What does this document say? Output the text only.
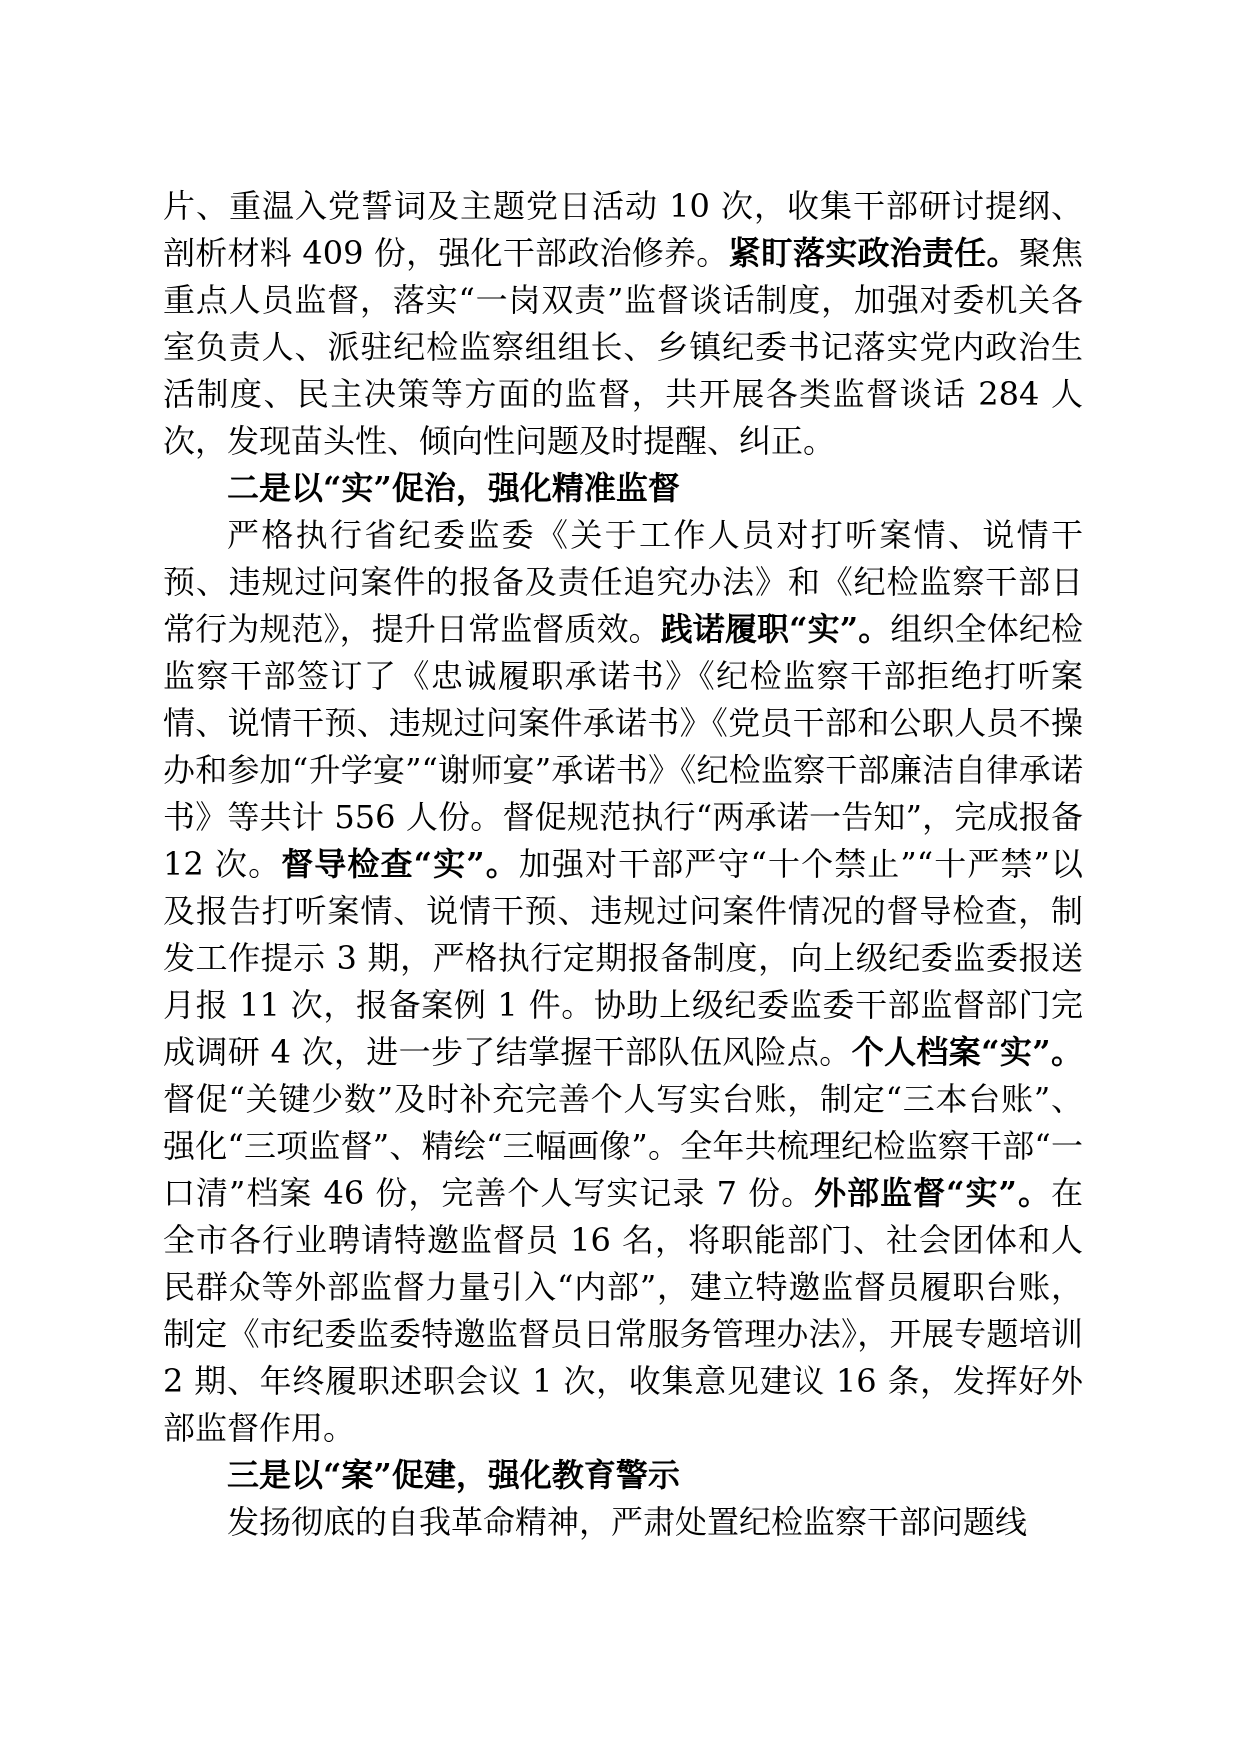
片、重温入党誓词及主题党日活动 10 次，收集干部研讨提纲、剖析材料 409 份，强化干部政治修养。紧盯落实政治责任。聚焦重点人员监督，落实“一岗双责”监督谈话制度，加强对委机关各室负责人、派驻纪检监察组组长、乡镇纪委书记落实党内政治生活制度、民主决策等方面的监督，共开展各类监督谈话 284 人次，发现苗头性、倾向性问题及时提醒、纠正。

二是以“实”促治，强化精准监督

严格执行省纪委监委《关于工作人员对打听案情、说情干预、违规过问案件的报备及责任追究办法》和《纪检监察干部日常行为规范》，提升日常监督质效。践诺履职“实”。组织全体纪检监察干部签订了《忠诚履职承诺书》《纪检监察干部拒绝打听案情、说情干预、违规过问案件承诺书》《党员干部和公职人员不操办和参加“升学宴”“谢师宴”承诺书》《纪检监察干部廉洁自律承诺书》等共计 556 人份。督促规范执行“两承诺一告知”，完成报备 12 次。督导检查“实”。加强对干部严守“十个禁止”“十严禁”以及报告打听案情、说情干预、违规过问案件情况的督导检查，制发工作提示 3 期，严格执行定期报备制度，向上级纪委监委报送月报 11 次，报备案例 1 件。协助上级纪委监委干部监督部门完成调研 4 次，进一步了结掌握干部队伍风险点。个人档案“实”。督促“关键少数”及时补充完善个人写实台账，制定“三本台账”、强化“三项监督”、精绘“三幅画像”。全年共梳理纪检监察干部“一口清”档案 46 份，完善个人写实记录 7 份。外部监督“实”。在全市各行业聘请特邀监督员 16 名，将职能部门、社会团体和人民群众等外部监督力量引入“内部”，建立特邀监督员履职台账，制定《市纪委监委特邀监督员日常服务管理办法》，开展专题培训 2 期、年终履职述职会议 1 次，收集意见建议 16 条，发挥好外部监督作用。

三是以“案”促建，强化教育警示

发扬彻底的自我革命精神，严肃处置纪检监察干部问题线
